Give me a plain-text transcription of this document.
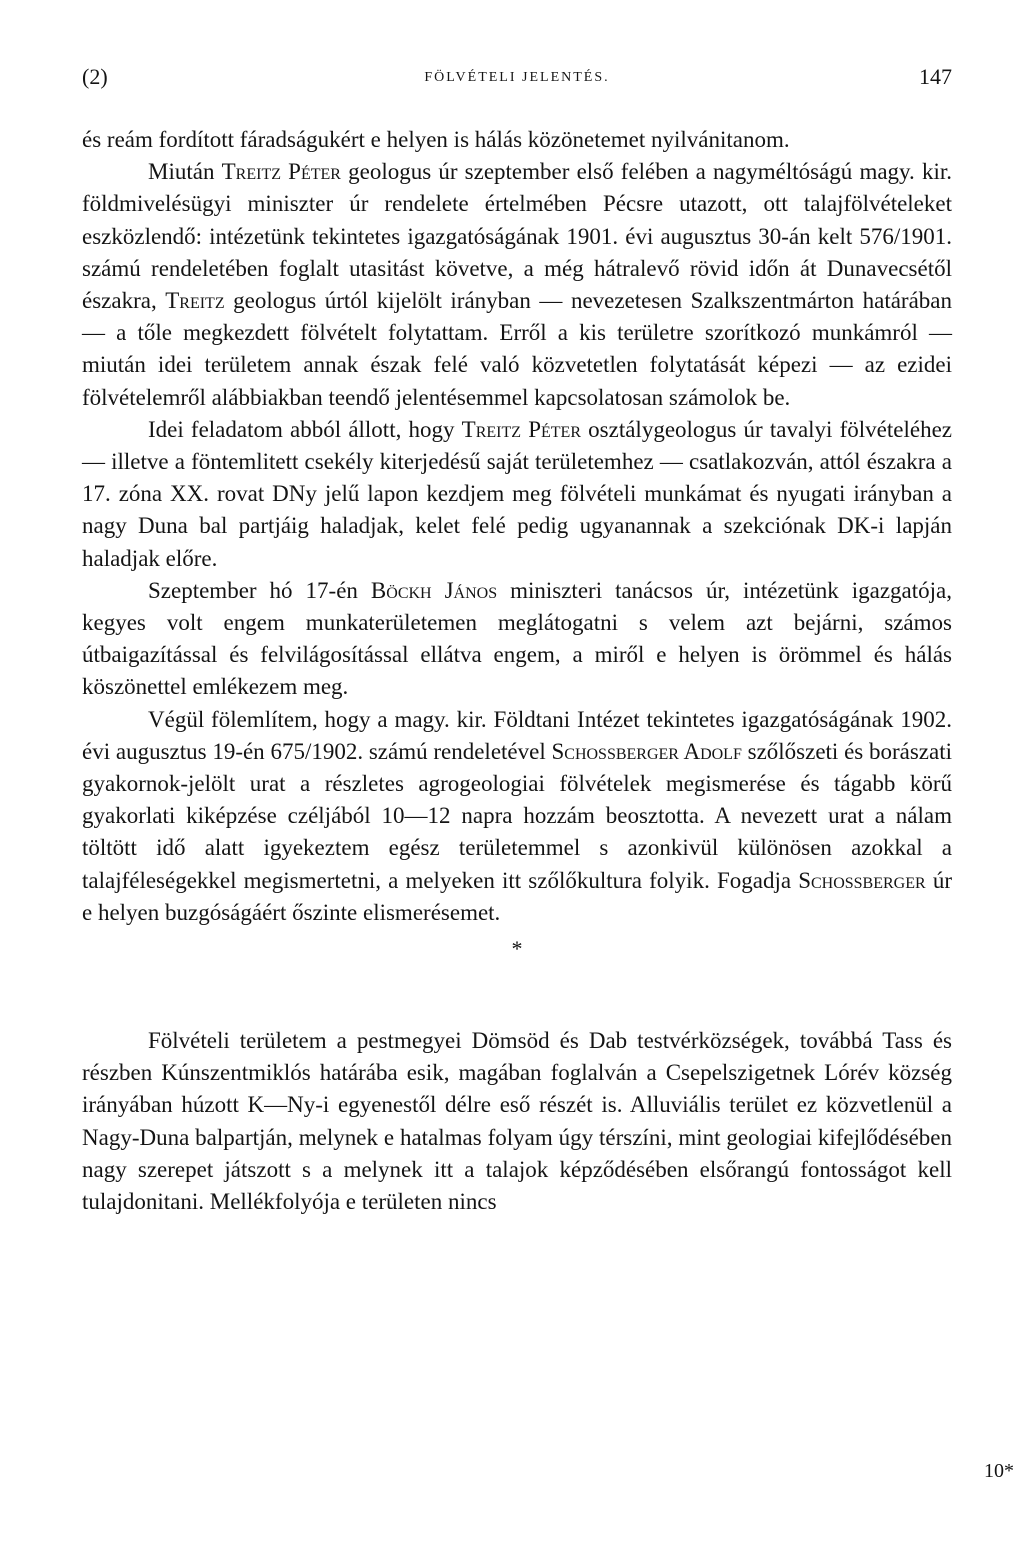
(2)	FÖLVÉTELI JELENTÉS.	147

és reám fordított fáradságukért e helyen is hálás közönetemet nyilvánitanom.

Miután Treitz Péter geologus úr szeptember első felében a nagyméltóságú magy. kir. földmivelésügyi miniszter úr rendelete értelmében Pécsre utazott, ott talajfölvételeket eszközlendő: intézetünk tekintetes igazgatóságának 1901. évi augusztus 30-án kelt 576/1901. számú rendeletében foglalt utasitást követve, a még hátralevő rövid időn át Dunavecsétől északra, Treitz geologus úrtól kijelölt irányban — nevezetesen Szalkszentmárton határában — a tőle megkezdett fölvételt folytattam. Erről a kis területre szorítkozó munkámról — miután idei területem annak észak felé való közvetetlen folytatását képezi — az ezidei fölvételemről alábbiakban teendő jelentésemmel kapcsolatosan számolok be.

Idei feladatom abból állott, hogy Treitz Péter osztálygeologus úr tavalyi fölvételéhez — illetve a föntemlitett csekély kiterjedésű saját területemhez — csatlakozván, attól északra a 17. zóna XX. rovat DNy jelű lapon kezdjem meg fölvételi munkámat és nyugati irányban a nagy Duna bal partjáig haladjak, kelet felé pedig ugyanannak a szekciónak DK-i lapján haladjak előre.

Szeptember hó 17-én Böckh János miniszteri tanácsos úr, intézetünk igazgatója, kegyes volt engem munkaterületemen meglátogatni s velem azt bejárni, számos útbaigazítással és felvilágosítással ellátva engem, a miről e helyen is örömmel és hálás köszönettel emlékezem meg.

Végül fölemlítem, hogy a magy. kir. Földtani Intézet tekintetes igazgatóságának 1902. évi augusztus 19-én 675/1902. számú rendeletével Schossberger Adolf szőlőszeti és borászati gyakornok-jelölt urat a részletes agrogeologiai fölvételek megismerése és tágabb körű gyakorlati kiképzése czéljából 10—12 napra hozzám beosztotta. A nevezett urat a nálam töltött idő alatt igyekeztem egész területemmel s azonkivül különösen azokkal a talajféleségekkel megismertetni, a melyeken itt szőlőkultura folyik. Fogadja Schossberger úr e helyen buzgóságáért őszinte elismerésemet.

*

Fölvételi területem a pestmegyei Dömsöd és Dab testvérközségek, továbbá Tass és részben Kúnszentmiklós határába esik, magában foglalván a Csepelszigetnek Lórév község irányában húzott K—Ny-i egyenestől délre eső részét is. Alluviális terület ez közvetlenül a Nagy-Duna balpartján, melynek e hatalmas folyam úgy térszíni, mint geologiai kifejlődésében nagy szerepet játszott s a melynek itt a talajok képződésében elsőrangú fontosságot kell tulajdonitani. Mellékfolyója e területen nincs

10*
